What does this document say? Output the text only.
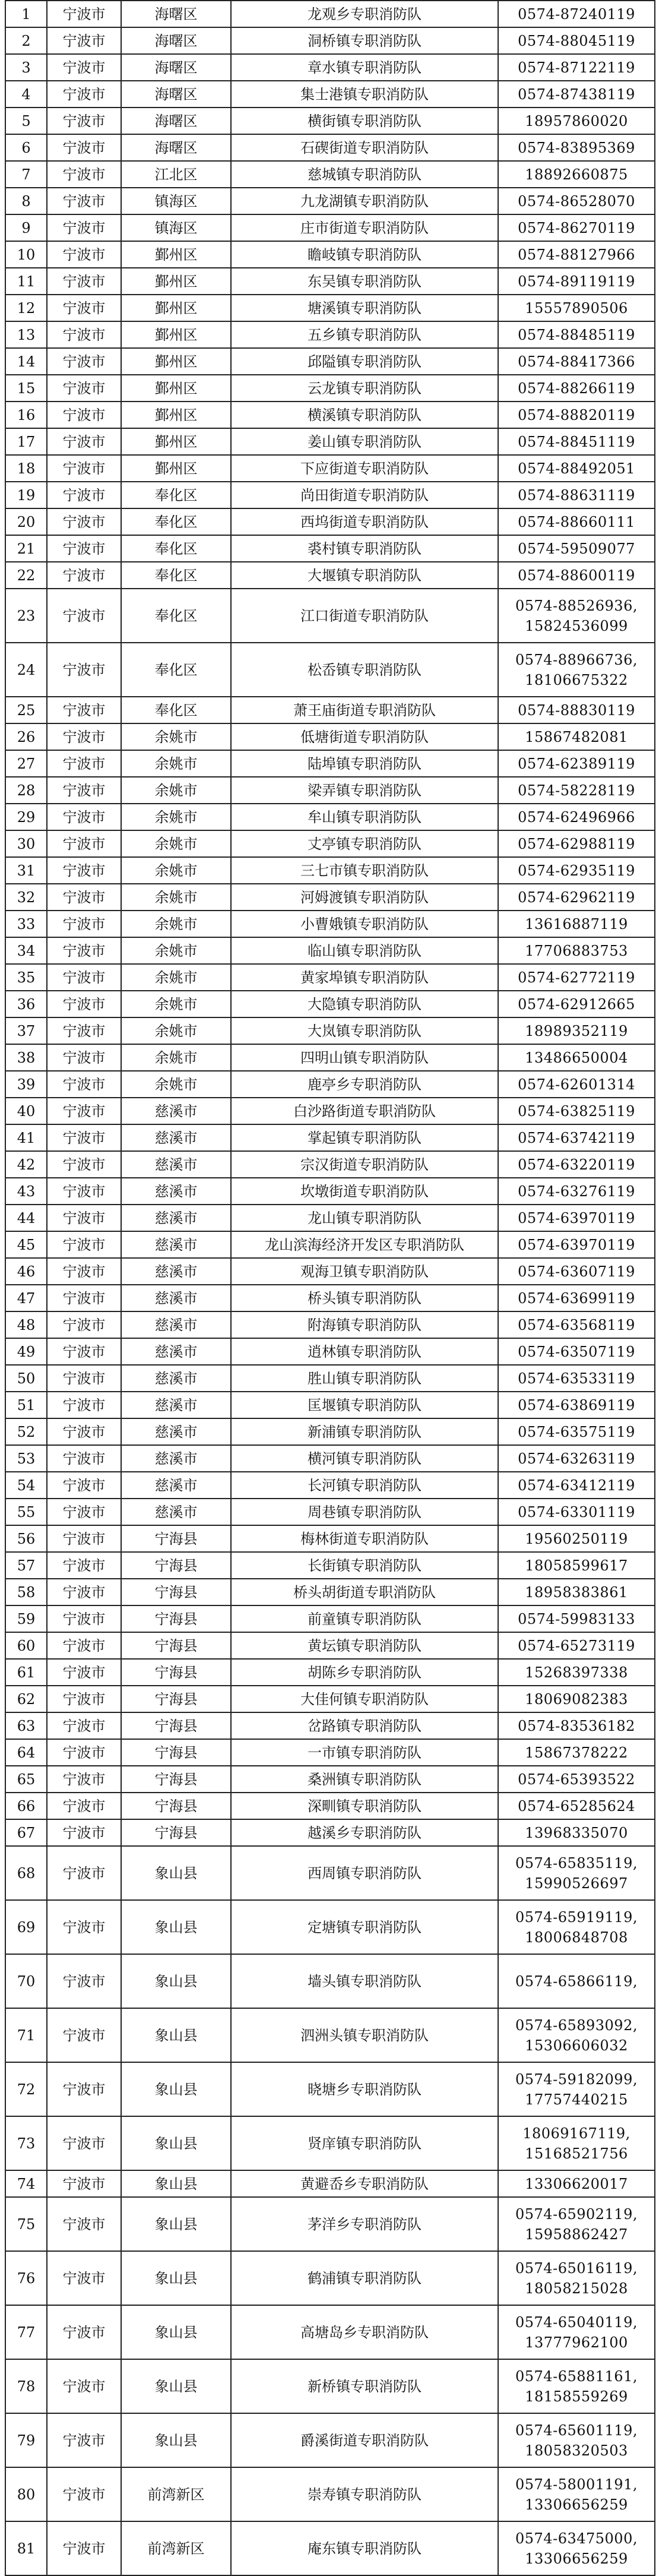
1	宁波市	海曙区	龙观乡专职消防队	0574-87240119

2	宁波市	海曙区	洞桥镇专职消防队	0574-88045119

3	宁波市	海曙区	章水镇专职消防队	0574-87122119

4	宁波市	海曙区	集士港镇专职消防队	0574-87438119

5	宁波市	海曙区	横街镇专职消防队	18957860020

6	宁波市	海曙区	石碶街道专职消防队	0574-83895369

7	宁波市	江北区	慈城镇专职消防队	18892660875

8	宁波市	镇海区	九龙湖镇专职消防队	0574-86528070

9	宁波市	镇海区	庄市街道专职消防队	0574-86270119

10	宁波市	鄞州区	瞻岐镇专职消防队	0574-88127966

11	宁波市	鄞州区	东吴镇专职消防队	0574-89119119

12	宁波市	鄞州区	塘溪镇专职消防队	15557890506

13	宁波市	鄞州区	五乡镇专职消防队	0574-88485119

14	宁波市	鄞州区	邱隘镇专职消防队	0574-88417366

15	宁波市	鄞州区	云龙镇专职消防队	0574-88266119

16	宁波市	鄞州区	横溪镇专职消防队	0574-88820119

17	宁波市	鄞州区	姜山镇专职消防队	0574-88451119

18	宁波市	鄞州区	下应街道专职消防队	0574-88492051

19	宁波市	奉化区	尚田街道专职消防队	0574-88631119

20	宁波市	奉化区	西坞街道专职消防队	0574-88660111

21	宁波市	奉化区	裘村镇专职消防队	0574-59509077

22	宁波市	奉化区	大堰镇专职消防队	0574-88600119

23	宁波市	奉化区	江口街道专职消防队	0574-88526936,
15824536099

24	宁波市	奉化区	松岙镇专职消防队	0574-88966736,
18106675322

25	宁波市	奉化区	萧王庙街道专职消防队	0574-88830119

26	宁波市	余姚市	低塘街道专职消防队	15867482081

27	宁波市	余姚市	陆埠镇专职消防队	0574-62389119

28	宁波市	余姚市	梁弄镇专职消防队	0574-58228119

29	宁波市	余姚市	牟山镇专职消防队	0574-62496966

30	宁波市	余姚市	丈亭镇专职消防队	0574-62988119

31	宁波市	余姚市	三七市镇专职消防队	0574-62935119

32	宁波市	余姚市	河姆渡镇专职消防队	0574-62962119

33	宁波市	余姚市	小曹娥镇专职消防队	13616887119

34	宁波市	余姚市	临山镇专职消防队	17706883753

35	宁波市	余姚市	黄家埠镇专职消防队	0574-62772119

36	宁波市	余姚市	大隐镇专职消防队	0574-62912665

37	宁波市	余姚市	大岚镇专职消防队	18989352119

38	宁波市	余姚市	四明山镇专职消防队	13486650004

39	宁波市	余姚市	鹿亭乡专职消防队	0574-62601314

40	宁波市	慈溪市	白沙路街道专职消防队	0574-63825119

41	宁波市	慈溪市	掌起镇专职消防队	0574-63742119

42	宁波市	慈溪市	宗汉街道专职消防队	0574-63220119

43	宁波市	慈溪市	坎墩街道专职消防队	0574-63276119

44	宁波市	慈溪市	龙山镇专职消防队	0574-63970119

45	宁波市	慈溪市	龙山滨海经济开发区专职消防队	0574-63970119

46	宁波市	慈溪市	观海卫镇专职消防队	0574-63607119

47	宁波市	慈溪市	桥头镇专职消防队	0574-63699119

48	宁波市	慈溪市	附海镇专职消防队	0574-63568119

49	宁波市	慈溪市	逍林镇专职消防队	0574-63507119

50	宁波市	慈溪市	胜山镇专职消防队	0574-63533119

51	宁波市	慈溪市	匡堰镇专职消防队	0574-63869119

52	宁波市	慈溪市	新浦镇专职消防队	0574-63575119

53	宁波市	慈溪市	横河镇专职消防队	0574-63263119

54	宁波市	慈溪市	长河镇专职消防队	0574-63412119

55	宁波市	慈溪市	周巷镇专职消防队	0574-63301119

56	宁波市	宁海县	梅林街道专职消防队	19560250119

57	宁波市	宁海县	长街镇专职消防队	18058599617

58	宁波市	宁海县	桥头胡街道专职消防队	18958383861

59	宁波市	宁海县	前童镇专职消防队	0574-59983133

60	宁波市	宁海县	黄坛镇专职消防队	0574-65273119

61	宁波市	宁海县	胡陈乡专职消防队	15268397338

62	宁波市	宁海县	大佳何镇专职消防队	18069082383

63	宁波市	宁海县	岔路镇专职消防队	0574-83536182

64	宁波市	宁海县	一市镇专职消防队	15867378222

65	宁波市	宁海县	桑洲镇专职消防队	0574-65393522

66	宁波市	宁海县	深甽镇专职消防队	0574-65285624

67	宁波市	宁海县	越溪乡专职消防队	13968335070

68	宁波市	象山县	西周镇专职消防队	0574-65835119,
15990526697

69	宁波市	象山县	定塘镇专职消防队	0574-65919119,
18006848708

70	宁波市	象山县	墙头镇专职消防队	0574-65866119,

71	宁波市	象山县	泗洲头镇专职消防队	0574-65893092,
15306606032

72	宁波市	象山县	晓塘乡专职消防队	0574-59182099,
17757440215

73	宁波市	象山县	贤庠镇专职消防队	18069167119,
15168521756

74	宁波市	象山县	黄避岙乡专职消防队	13306620017

75	宁波市	象山县	茅洋乡专职消防队	0574-65902119,
15958862427

76	宁波市	象山县	鹤浦镇专职消防队	0574-65016119,
18058215028

77	宁波市	象山县	高塘岛乡专职消防队	0574-65040119,
13777962100

78	宁波市	象山县	新桥镇专职消防队	0574-65881161,
18158559269

79	宁波市	象山县	爵溪街道专职消防队	0574-65601119,
18058320503

80	宁波市	前湾新区	崇寿镇专职消防队	0574-58001191,
13306656259

81	宁波市	前湾新区	庵东镇专职消防队	0574-63475000,
13306656259
